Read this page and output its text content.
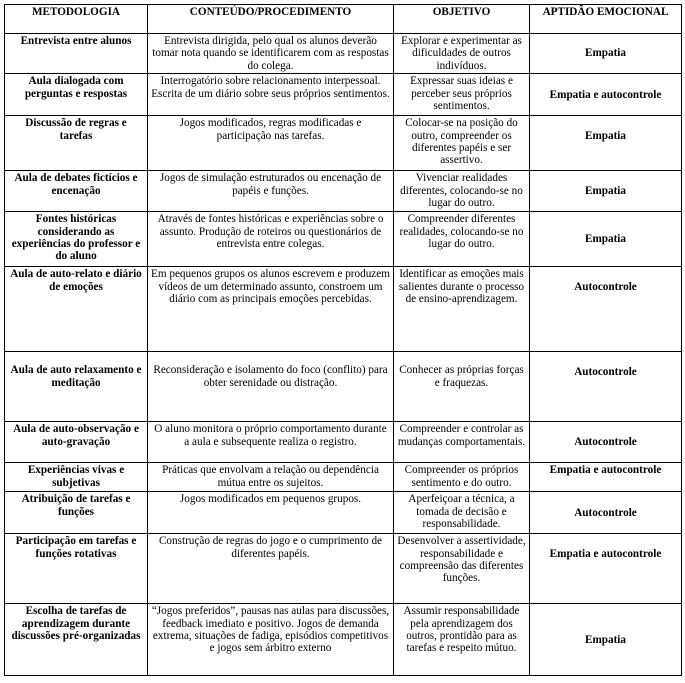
METODOLOGIA	CONTEÚDO/PROCEDIMENTO	OBJETIVO	APTIDÃO EMOCIONAL
Entrevista entre alunos	Entrevista dirigida, pelo qual os alunos deverão tomar nota quando se identificarem com as respostas do colega.	Explorar e experimentar as dificuldades de outros indivíduos.	Empatia
Aula dialogada com perguntas e respostas	Interrogatório sobre relacionamento interpessoal. Escrita de um diário sobre seus próprios sentimentos.	Expressar suas ideias e perceber seus próprios sentimentos.	Empatia e autocontrole
Discussão de regras e tarefas	Jogos modificados, regras modificadas e participação nas tarefas.	Colocar-se na posição do outro, compreender os diferentes papéis e ser assertivo.	Empatia
Aula de debates fictícios e encenação	Jogos de simulação estruturados ou encenação de papéis e funções.	Vivenciar realidades diferentes, colocando-se no lugar do outro.	Empatia
Fontes históricas considerando as experiências do professor e do aluno	Através de fontes históricas e experiências sobre o assunto. Produção de roteiros ou questionários de entrevista entre colegas.	Compreender diferentes realidades, colocando-se no lugar do outro.	Empatia
Aula de auto-relato e diário de emoções	Em pequenos grupos os alunos escrevem e produzem vídeos de um determinado assunto, constroem um diário com as principais emoções percebidas.	Identificar as emoções mais salientes durante o processo de ensino-aprendizagem.	Autocontrole
Aula de auto relaxamento e meditação	Reconsideração e isolamento do foco (conflito) para obter serenidade ou distração.	Conhecer as próprias forças e fraquezas.	Autocontrole
Aula de auto-observação e auto-gravação	O aluno monitora o próprio comportamento durante a aula e subsequente realiza o registro.	Compreender e controlar as mudanças comportamentais.	Autocontrole
Experiências vivas e subjetivas	Práticas que envolvam a relação ou dependência mútua entre os sujeitos.	Compreender os próprios sentimento e do outro.	Empatia e autocontrole
Atribuição de tarefas e funções	Jogos modificados em pequenos grupos.	Aperfeiçoar a técnica, a tomada de decisão e responsabilidade.	Autocontrole
Participação em tarefas e funções rotativas	Construção de regras do jogo e o cumprimento de diferentes papéis.	Desenvolver a assertividade, responsabilidade e compreensão das diferentes funções.	Empatia e autocontrole
Escolha de tarefas de aprendizagem durante discussões pré-organizadas	“Jogos preferidos”, pausas nas aulas para discussões, feedback imediato e positivo. Jogos de demanda extrema, situações de fadiga, episódios competitivos e jogos sem árbitro externo	Assumir responsabilidade pela aprendizagem dos outros, prontidão para as tarefas e respeito mútuo.	Empatia
